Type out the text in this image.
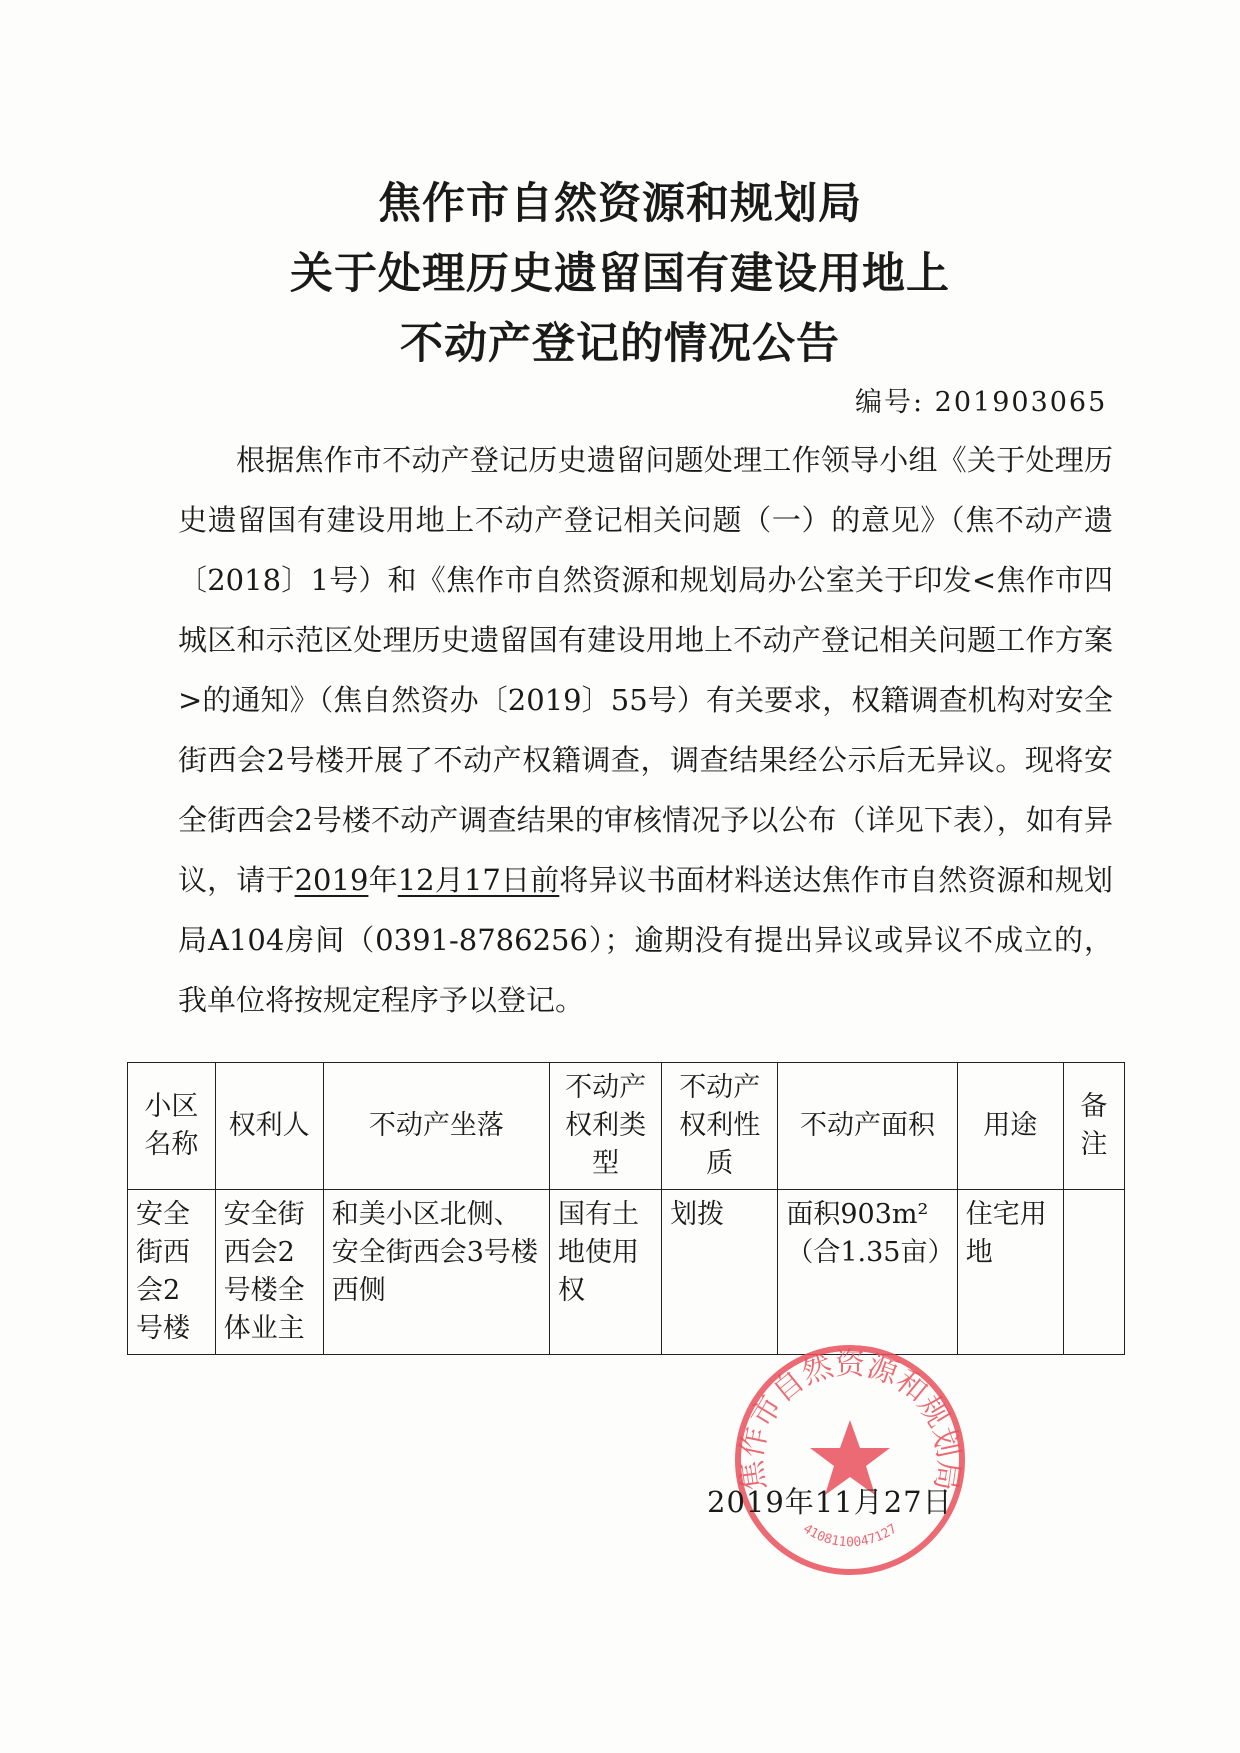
焦作市自然资源和规划局
关于处理历史遗留国有建设用地上
不动产登记的情况公告
编号: 201903065

根据焦作市不动产登记历史遗留问题处理工作领导小组《关于处理历史遗留国有建设用地上不动产登记相关问题（一）的意见》（焦不动产遗〔2018〕1号）和《焦作市自然资源和规划局办公室关于印发<焦作市四城区和示范区处理历史遗留国有建设用地上不动产登记相关问题工作方案>的通知》（焦自然资办〔2019〕55号）有关要求，权籍调查机构对安全街西会2号楼开展了不动产权籍调查，调查结果经公示后无异议。现将安全街西会2号楼不动产调查结果的审核情况予以公布（详见下表），如有异议，请于2019年12月17日前将异议书面材料送达焦作市自然资源和规划局A104房间（0391-8786256）；逾期没有提出异议或异议不成立的，我单位将按规定程序予以登记。

小区名称	权利人	不动产坐落	不动产权利类型	不动产权利性质	不动产面积	用途	备注
安全街西会2号楼	安全街西会2号楼全体业主	和美小区北侧、安全街西会3号楼西侧	国有土地使用权	划拨	面积903m²（合1.35亩）	住宅用地	
焦作市自然资源和规划局
4108110047127
2019年11月27日
